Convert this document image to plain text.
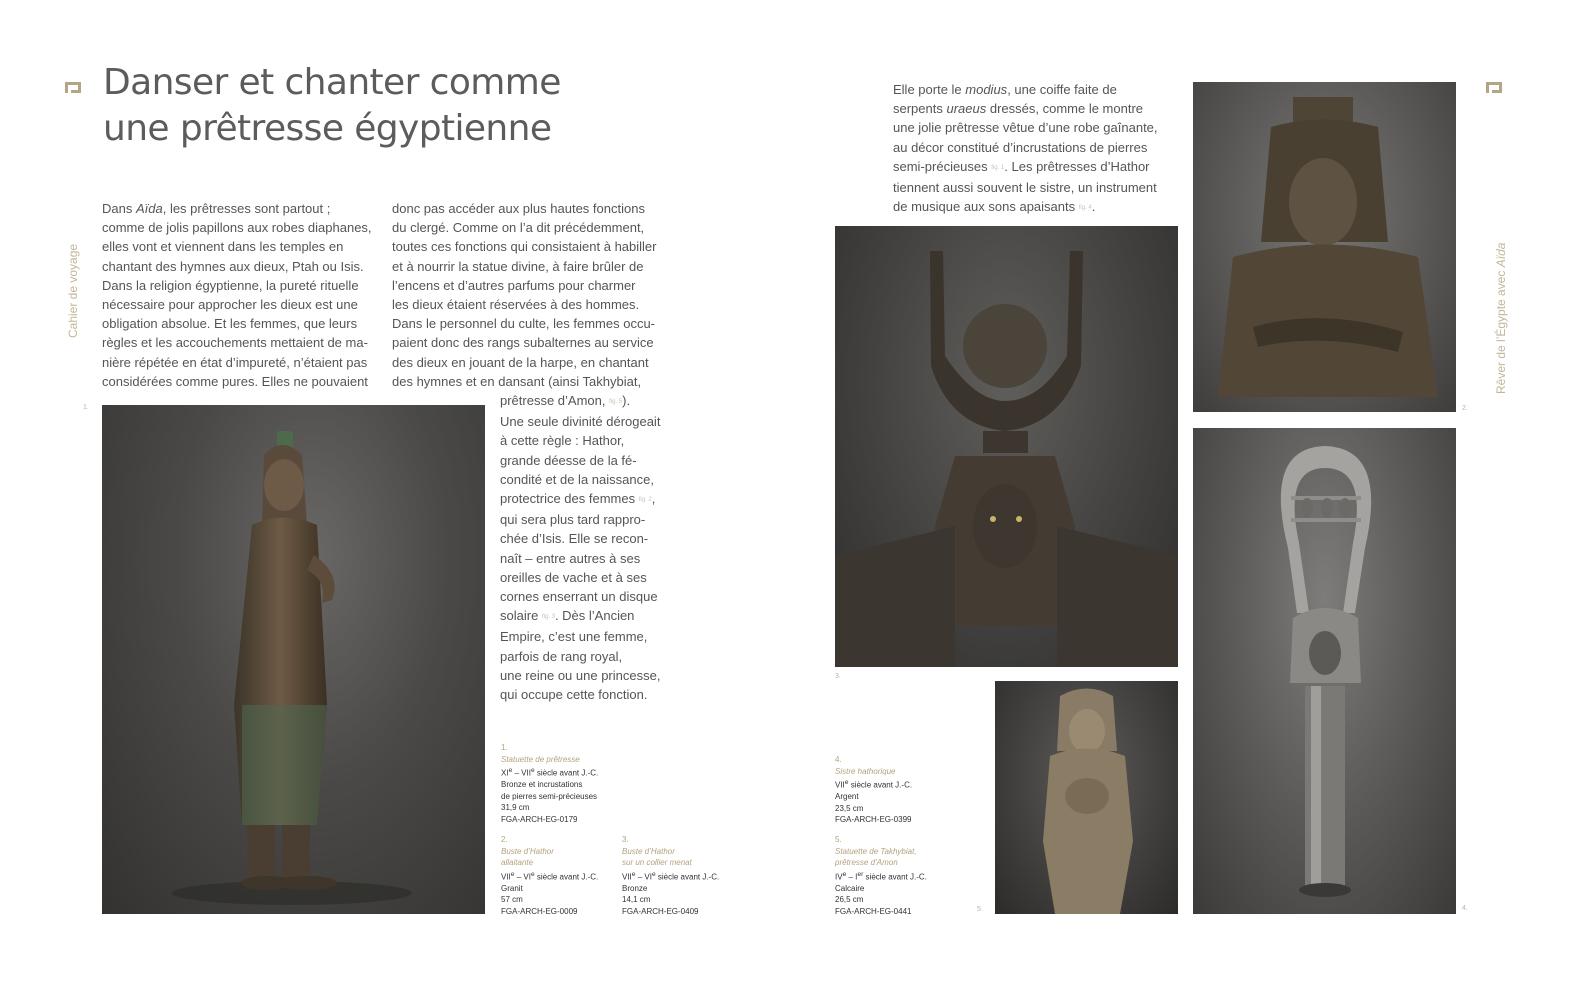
Danser et chanter comme
une prêtresse égyptienne
Cahier de voyage	Rêver de l’Égypte avec Aïda
Dans Aïda, les prêtresses sont partout ;
comme de jolis papillons aux robes diaphanes,
elles vont et viennent dans les temples en
chantant des hymnes aux dieux, Ptah ou Isis.
Dans la religion égyptienne, la pureté rituelle
nécessaire pour approcher les dieux est une
obligation absolue. Et les femmes, que leurs
règles et les accouchements mettaient de ma-
nière répétée en état d’impureté, n’étaient pas
considérées comme pures. Elles ne pouvaient
donc pas accéder aux plus hautes fonctions
du clergé. Comme on l’a dit précédemment,
toutes ces fonctions qui consistaient à habiller
et à nourrir la statue divine, à faire brûler de
l’encens et d’autres parfums pour charmer
les dieux étaient réservées à des hommes.
Dans le personnel du culte, les femmes occu-
paient donc des rangs subalternes au service
des dieux en jouant de la harpe, en chantant
des hymnes et en dansant (ainsi Takhybiat,
prêtresse d’Amon, fig. 5).
Une seule divinité dérogeait
à cette règle : Hathor,
grande déesse de la fé-
condité et de la naissance,
protectrice des femmes fig. 2,
qui sera plus tard rappro-
chée d’Isis. Elle se recon-
naît – entre autres à ses
oreilles de vache et à ses
cornes enserrant un disque
solaire fig. 3. Dès l’Ancien
Empire, c’est une femme,
parfois de rang royal,
une reine ou une princesse,
qui occupe cette fonction.
Elle porte le modius, une coiffe faite de
serpents uraeus dressés, comme le montre
une jolie prêtresse vêtue d’une robe gaînante,
au décor constitué d’incrustations de pierres
semi-précieuses fig. 1. Les prêtresses d’Hathor
tiennent aussi souvent le sistre, un instrument
de musique aux sons apaisants fig. 4.
1.
3.
5.
2.
4.
1.
Statuette de prêtresse
XIe – VIIe siècle avant J.-C.
Bronze et incrustations
de pierres semi-précieuses
31,9 cm
FGA-ARCH-EG-0179
2.
Buste d’Hathor
allaitante
VIIe – VIe siècle avant J.-C.
Granit
57 cm
FGA-ARCH-EG-0009
3.
Buste d’Hathor
sur un collier menat
VIIe – VIe siècle avant J.-C.
Bronze
14,1 cm
FGA-ARCH-EG-0409
4.
Sistre hathorique
VIIe siècle avant J.-C.
Argent
23,5 cm
FGA-ARCH-EG-0399
5.
Statuette de Takhybiat,
prêtresse d’Amon
IVe – Ier siècle avant J.-C.
Calcaire
26,5 cm
FGA-ARCH-EG-0441
